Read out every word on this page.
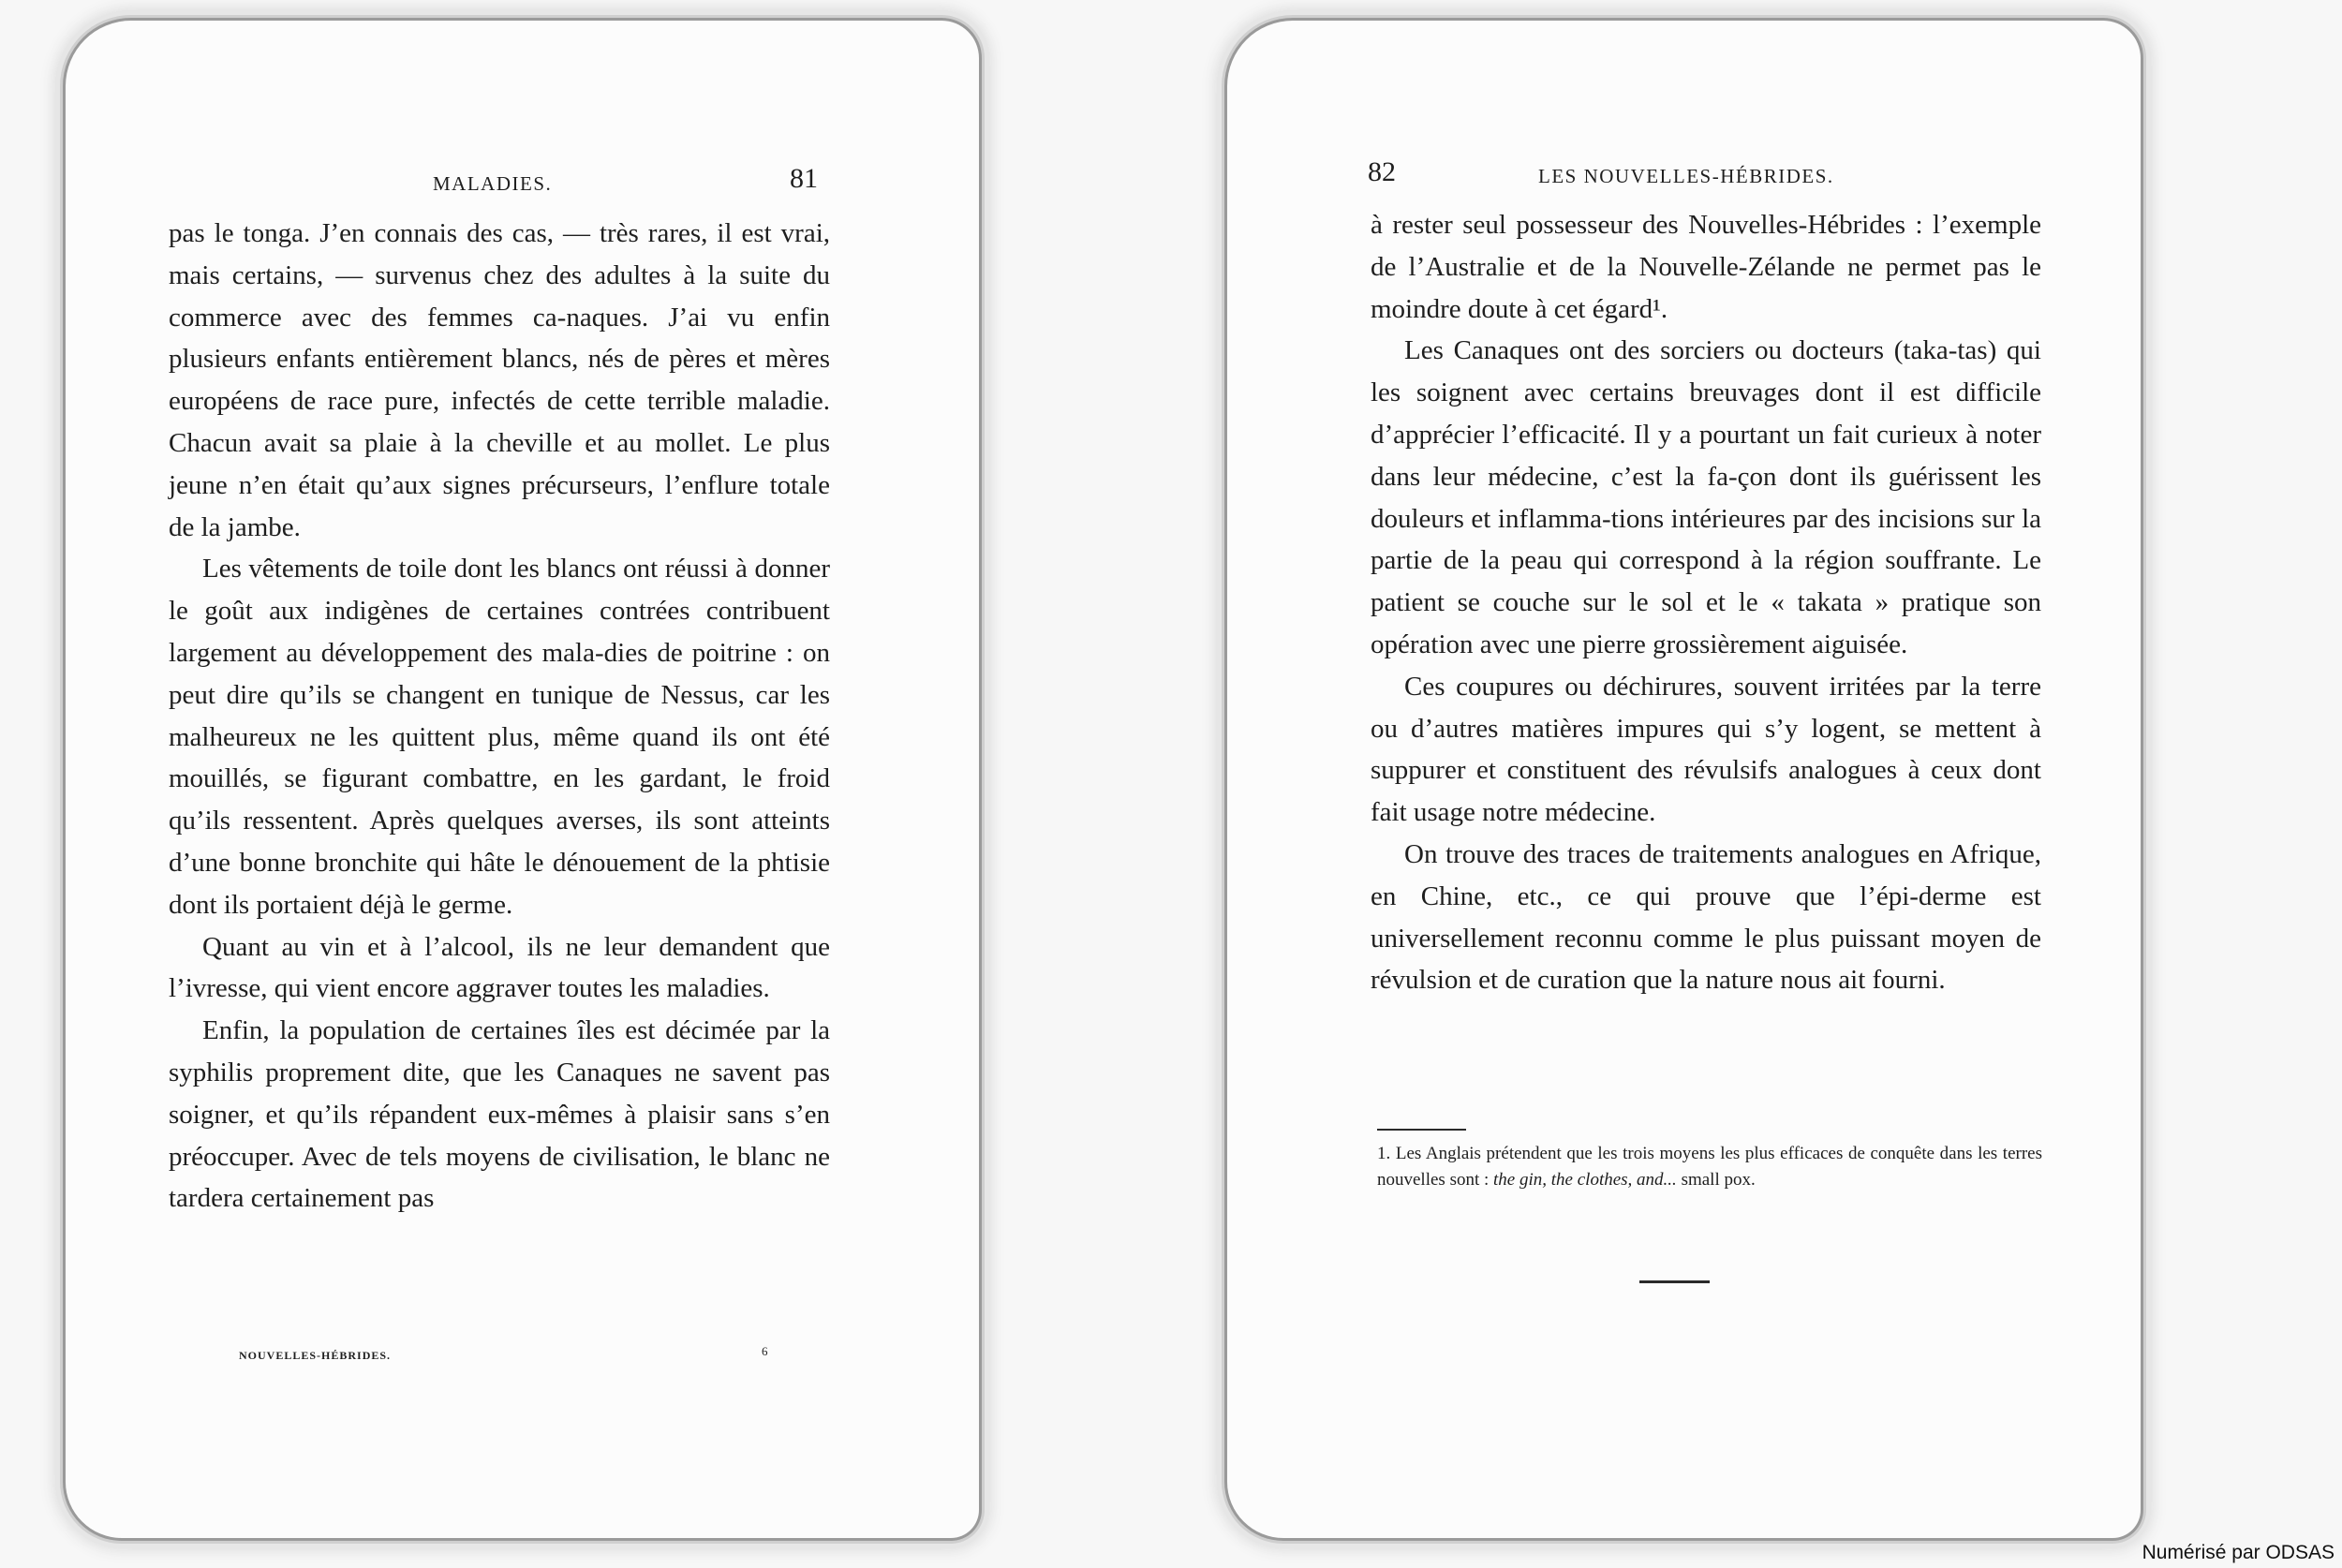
MALADIES.	81

pas le tonga. J’en connais des cas, — très rares, il est vrai, mais certains, — survenus chez des adultes à la suite du commerce avec des femmes ca-naques. J’ai vu enfin plusieurs enfants entièrement blancs, nés de pères et mères européens de race pure, infectés de cette terrible maladie. Chacun avait sa plaie à la cheville et au mollet. Le plus jeune n’en était qu’aux signes précurseurs, l’enflure totale de la jambe.

Les vêtements de toile dont les blancs ont réussi à donner le goût aux indigènes de certaines contrées contribuent largement au développement des mala-dies de poitrine : on peut dire qu’ils se changent en tunique de Nessus, car les malheureux ne les quittent plus, même quand ils ont été mouillés, se figurant combattre, en les gardant, le froid qu’ils ressentent. Après quelques averses, ils sont atteints d’une bonne bronchite qui hâte le dénouement de la phtisie dont ils portaient déjà le germe.

Quant au vin et à l’alcool, ils ne leur demandent que l’ivresse, qui vient encore aggraver toutes les maladies.

Enfin, la population de certaines îles est décimée par la syphilis proprement dite, que les Canaques ne savent pas soigner, et qu’ils répandent eux-mêmes à plaisir sans s’en préoccuper. Avec de tels moyens de civilisation, le blanc ne tardera certainement pas

NOUVELLES-HÉBRIDES.	6
82	LES NOUVELLES-HÉBRIDES.

à rester seul possesseur des Nouvelles-Hébrides : l’exemple de l’Australie et de la Nouvelle-Zélande ne permet pas le moindre doute à cet égard¹.

Les Canaques ont des sorciers ou docteurs (taka-tas) qui les soignent avec certains breuvages dont il est difficile d’apprécier l’efficacité. Il y a pourtant un fait curieux à noter dans leur médecine, c’est la fa-çon dont ils guérissent les douleurs et inflamma-tions intérieures par des incisions sur la partie de la peau qui correspond à la région souffrante. Le patient se couche sur le sol et le « takata » pratique son opération avec une pierre grossièrement aiguisée.

Ces coupures ou déchirures, souvent irritées par la terre ou d’autres matières impures qui s’y logent, se mettent à suppurer et constituent des révulsifs analogues à ceux dont fait usage notre médecine.

On trouve des traces de traitements analogues en Afrique, en Chine, etc., ce qui prouve que l’épi-derme est universellement reconnu comme le plus puissant moyen de révulsion et de curation que la nature nous ait fourni.

1. Les Anglais prétendent que les trois moyens les plus efficaces de conquête dans les terres nouvelles sont : the gin, the clothes, and... small pox.
Numérisé par ODSAS
